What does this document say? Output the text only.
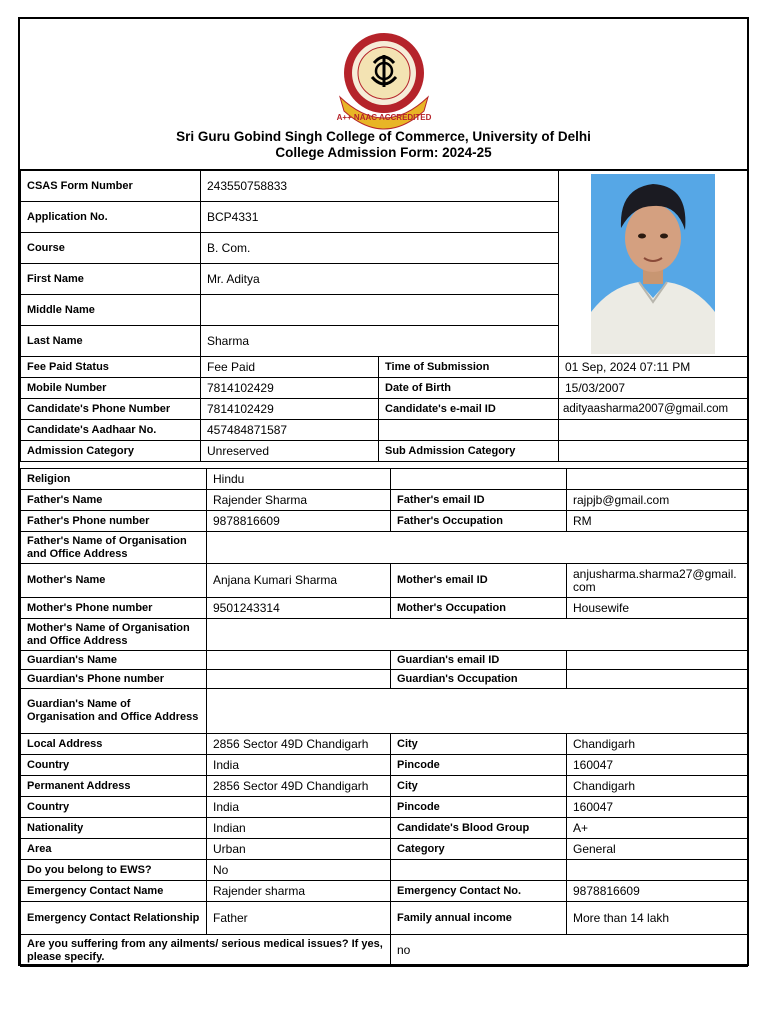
A++ NAAC ACCREDITED
Sri Guru Gobind Singh College of Commerce, University of Delhi
College Admission Form: 2024-25
CSAS Form Number	243550758833	

Application No.	BCP4331		
Course	B. Com.		
First Name	Mr. Aditya		
Middle Name			
Last Name	Sharma		
Fee Paid Status	Fee Paid	Time of Submission	01 Sep, 2024 07:11 PM
Mobile Number	7814102429	Date of Birth	15/03/2007
Candidate's Phone Number	7814102429	Candidate's e-mail ID	adityaasharma2007@gmail.com
Candidate's Aadhaar No.	457484871587		
Admission Category	Unreserved	Sub Admission Category	
Religion	Hindu		
Father's Name	Rajender Sharma	Father's email ID	rajpjb@gmail.com
Father's Phone number	9878816609	Father's Occupation	RM
Father's Name of Organisation and Office Address			
Mother's Name	Anjana Kumari Sharma	Mother's email ID	anjusharma.sharma27@gmail.com
Mother's Phone number	9501243314	Mother's Occupation	Housewife
Mother's Name of Organisation and Office Address			
Guardian's Name		Guardian's email ID	
Guardian's Phone number		Guardian's Occupation	
Guardian's Name of Organisation and Office Address			
Local Address	2856 Sector 49D Chandigarh	City	Chandigarh
Country	India	Pincode	160047
Permanent Address	2856 Sector 49D Chandigarh	City	Chandigarh
Country	India	Pincode	160047
Nationality	Indian	Candidate's Blood Group	A+
Area	Urban	Category	General
Do you belong to EWS?	No		
Emergency Contact Name	Rajender sharma	Emergency Contact No.	9878816609
Emergency Contact Relationship	Father	Family annual income	More than 14 lakh
Are you suffering from any ailments/ serious medical issues? If yes, please specify.		no	
